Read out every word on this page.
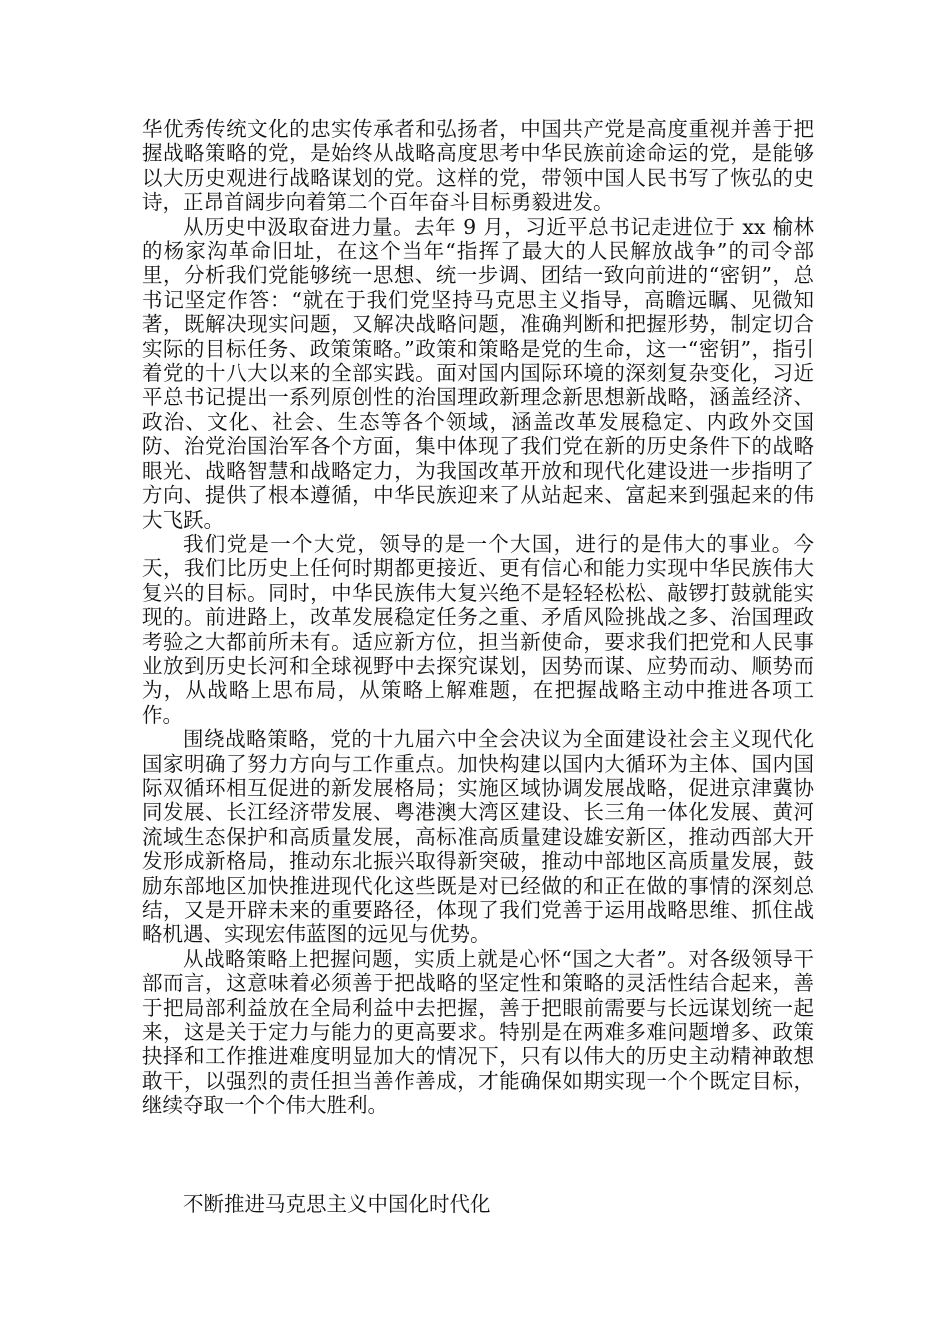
华优秀传统文化的忠实传承者和弘扬者，中国共产党是高度重视并善于把握战略策略的党，是始终从战略高度思考中华民族前途命运的党，是能够以大历史观进行战略谋划的党。这样的党，带领中国人民书写了恢弘的史诗，正昂首阔步向着第二个百年奋斗目标勇毅进发。

从历史中汲取奋进力量。去年 9 月，习近平总书记走进位于 xx 榆林的杨家沟革命旧址，在这个当年“指挥了最大的人民解放战争”的司令部里，分析我们党能够统一思想、统一步调、团结一致向前进的“密钥”，总书记坚定作答：“就在于我们党坚持马克思主义指导，高瞻远瞩、见微知著，既解决现实问题，又解决战略问题，准确判断和把握形势，制定切合实际的目标任务、政策策略。”政策和策略是党的生命，这一“密钥”，指引着党的十八大以来的全部实践。面对国内国际环境的深刻复杂变化，习近平总书记提出一系列原创性的治国理政新理念新思想新战略，涵盖经济、政治、文化、社会、生态等各个领域，涵盖改革发展稳定、内政外交国防、治党治国治军各个方面，集中体现了我们党在新的历史条件下的战略眼光、战略智慧和战略定力，为我国改革开放和现代化建设进一步指明了方向、提供了根本遵循，中华民族迎来了从站起来、富起来到强起来的伟大飞跃。

我们党是一个大党，领导的是一个大国，进行的是伟大的事业。今天，我们比历史上任何时期都更接近、更有信心和能力实现中华民族伟大复兴的目标。同时，中华民族伟大复兴绝不是轻轻松松、敲锣打鼓就能实现的。前进路上，改革发展稳定任务之重、矛盾风险挑战之多、治国理政考验之大都前所未有。适应新方位，担当新使命，要求我们把党和人民事业放到历史长河和全球视野中去探究谋划，因势而谋、应势而动、顺势而为，从战略上思布局，从策略上解难题，在把握战略主动中推进各项工作。

围绕战略策略，党的十九届六中全会决议为全面建设社会主义现代化国家明确了努力方向与工作重点。加快构建以国内大循环为主体、国内国际双循环相互促进的新发展格局；实施区域协调发展战略，促进京津冀协同发展、长江经济带发展、粤港澳大湾区建设、长三角一体化发展、黄河流域生态保护和高质量发展，高标准高质量建设雄安新区，推动西部大开发形成新格局，推动东北振兴取得新突破，推动中部地区高质量发展，鼓励东部地区加快推进现代化这些既是对已经做的和正在做的事情的深刻总结，又是开辟未来的重要路径，体现了我们党善于运用战略思维、抓住战略机遇、实现宏伟蓝图的远见与优势。

从战略策略上把握问题，实质上就是心怀“国之大者”。对各级领导干部而言，这意味着必须善于把战略的坚定性和策略的灵活性结合起来，善于把局部利益放在全局利益中去把握，善于把眼前需要与长远谋划统一起来，这是关于定力与能力的更高要求。特别是在两难多难问题增多、政策抉择和工作推进难度明显加大的情况下，只有以伟大的历史主动精神敢想敢干，以强烈的责任担当善作善成，才能确保如期实现一个个既定目标，继续夺取一个个伟大胜利。

不断推进马克思主义中国化时代化
